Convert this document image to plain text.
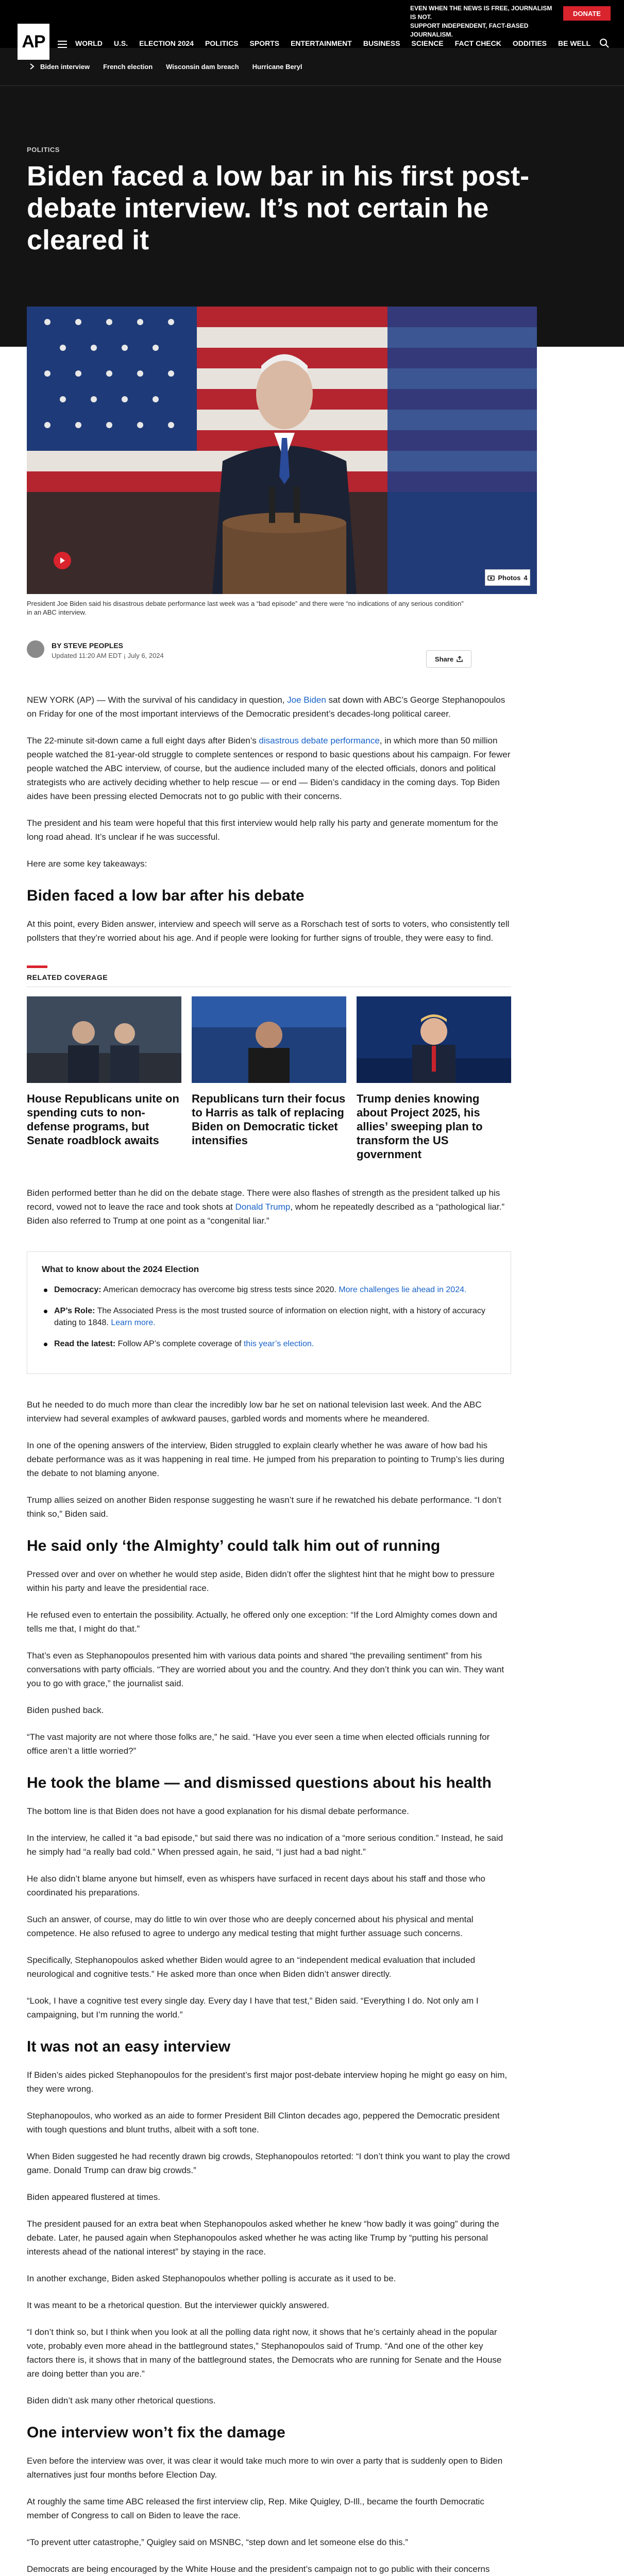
WORLD U.S. ELECTION 2024 POLITICS SPORTS ENTERTAINMENT BUSINESS SCIENCE FACT CHECK ODDITIES BE WELL
EVEN WHEN THE NEWS IS FREE, JOURNALISM IS NOT.
SUPPORT INDEPENDENT, FACT-BASED JOURNALISM.
DONATE
AP
Biden interview French election Wisconsin dam breach Hurricane Beryl
POLITICS
Biden faced a low bar in his first post-debate interview. It’s not certain he cleared it
Photos 4
President Joe Biden said his disastrous debate performance last week was a “bad episode” and there were “no indications of any serious condition” in an ABC interview.
BY STEVE PEOPLES
Updated 11:20 AM EDT ¡ July 6, 2024	Share

NEW YORK (AP) — With the survival of his candidacy in question, Joe Biden sat down with ABC’s George Stephanopoulos on Friday for one of the most important interviews of the Democratic president’s decades-long political career.

The 22-minute sit-down came a full eight days after Biden’s disastrous debate performance, in which more than 50 million people watched the 81-year-old struggle to complete sentences or respond to basic questions about his campaign. For fewer people watched the ABC interview, of course, but the audience included many of the elected officials, donors and political strategists who are actively deciding whether to help rescue — or end — Biden’s candidacy in the coming days. Top Biden aides have been pressing elected Democrats not to go public with their concerns.

The president and his team were hopeful that this first interview would help rally his party and generate momentum for the long road ahead. It’s unclear if he was successful.

Here are some key takeaways:

Biden faced a low bar after his debate

At this point, every Biden answer, interview and speech will serve as a Rorschach test of sorts to voters, who consistently tell pollsters that they’re worried about his age. And if people were looking for further signs of trouble, they were easy to find.

RELATED COVERAGE
House Republicans unite on spending cuts to non-defense programs, but Senate roadblock awaits
Republicans turn their focus to Harris as talk of replacing Biden on Democratic ticket intensifies
Trump denies knowing about Project 2025, his allies’ sweeping plan to transform the US government

Biden performed better than he did on the debate stage. There were also flashes of strength as the president talked up his record, vowed not to leave the race and took shots at Donald Trump, whom he repeatedly described as a “pathological liar.” Biden also referred to Trump at one point as a “congenital liar.”

What to know about the 2024 Election
Democracy: American democracy has overcome big stress tests since 2020. More challenges lie ahead in 2024.
AP’s Role: The Associated Press is the most trusted source of information on election night, with a history of accuracy dating to 1848. Learn more.
Read the latest: Follow AP’s complete coverage of this year’s election.

But he needed to do much more than clear the incredibly low bar he set on national television last week. And the ABC interview had several examples of awkward pauses, garbled words and moments where he meandered.

In one of the opening answers of the interview, Biden struggled to explain clearly whether he was aware of how bad his debate performance was as it was happening in real time. He jumped from his preparation to pointing to Trump’s lies during the debate to not blaming anyone.

Trump allies seized on another Biden response suggesting he wasn’t sure if he rewatched his debate performance. “I don’t think so,” Biden said.

He said only ‘the Almighty’ could talk him out of running

Pressed over and over on whether he would step aside, Biden didn’t offer the slightest hint that he might bow to pressure within his party and leave the presidential race.

He refused even to entertain the possibility. Actually, he offered only one exception: “If the Lord Almighty comes down and tells me that, I might do that.”

That’s even as Stephanopoulos presented him with various data points and shared “the prevailing sentiment” from his conversations with party officials. “They are worried about you and the country. And they don’t think you can win. They want you to go with grace,” the journalist said.

Biden pushed back.

“The vast majority are not where those folks are,” he said. “Have you ever seen a time when elected officials running for office aren’t a little worried?”

He took the blame — and dismissed questions about his health

The bottom line is that Biden does not have a good explanation for his dismal debate performance.

In the interview, he called it “a bad episode,” but said there was no indication of a “more serious condition.” Instead, he said he simply had “a really bad cold.” When pressed again, he said, “I just had a bad night.”

He also didn’t blame anyone but himself, even as whispers have surfaced in recent days about his staff and those who coordinated his preparations.

Such an answer, of course, may do little to win over those who are deeply concerned about his physical and mental competence. He also refused to agree to undergo any medical testing that might further assuage such concerns.

Specifically, Stephanopoulos asked whether Biden would agree to an “independent medical evaluation that included neurological and cognitive tests.” He asked more than once when Biden didn’t answer directly.

“Look, I have a cognitive test every single day. Every day I have that test,” Biden said. “Everything I do. Not only am I campaigning, but I’m running the world.”

It was not an easy interview

If Biden’s aides picked Stephanopoulos for the president’s first major post-debate interview hoping he might go easy on him, they were wrong.

Stephanopoulos, who worked as an aide to former President Bill Clinton decades ago, peppered the Democratic president with tough questions and blunt truths, albeit with a soft tone.

When Biden suggested he had recently drawn big crowds, Stephanopoulos retorted: “I don’t think you want to play the crowd game. Donald Trump can draw big crowds.”

Biden appeared flustered at times.

The president paused for an extra beat when Stephanopoulos asked whether he knew “how badly it was going” during the debate. Later, he paused again when Stephanopoulos asked whether he was acting like Trump by “putting his personal interests ahead of the national interest” by staying in the race.

In another exchange, Biden asked Stephanopoulos whether polling is accurate as it used to be.

It was meant to be a rhetorical question. But the interviewer quickly answered.

“I don’t think so, but I think when you look at all the polling data right now, it shows that he’s certainly ahead in the popular vote, probably even more ahead in the battleground states,” Stephanopoulos said of Trump. “And one of the other key factors there is, it shows that in many of the battleground states, the Democrats who are running for Senate and the House are doing better than you are.”

Biden didn’t ask many other rhetorical questions.

One interview won’t fix the damage

Even before the interview was over, it was clear it would take much more to win over a party that is suddenly open to Biden alternatives just four months before Election Day.

At roughly the same time ABC released the first interview clip, Rep. Mike Quigley, D-Ill., became the fourth Democratic member of Congress to call on Biden to leave the race.

“To prevent utter catastrophe,” Quigley said on MSNBC, “step down and let someone else do this.”

Democrats are being encouraged by the White House and the president’s campaign not to go public with their concerns
